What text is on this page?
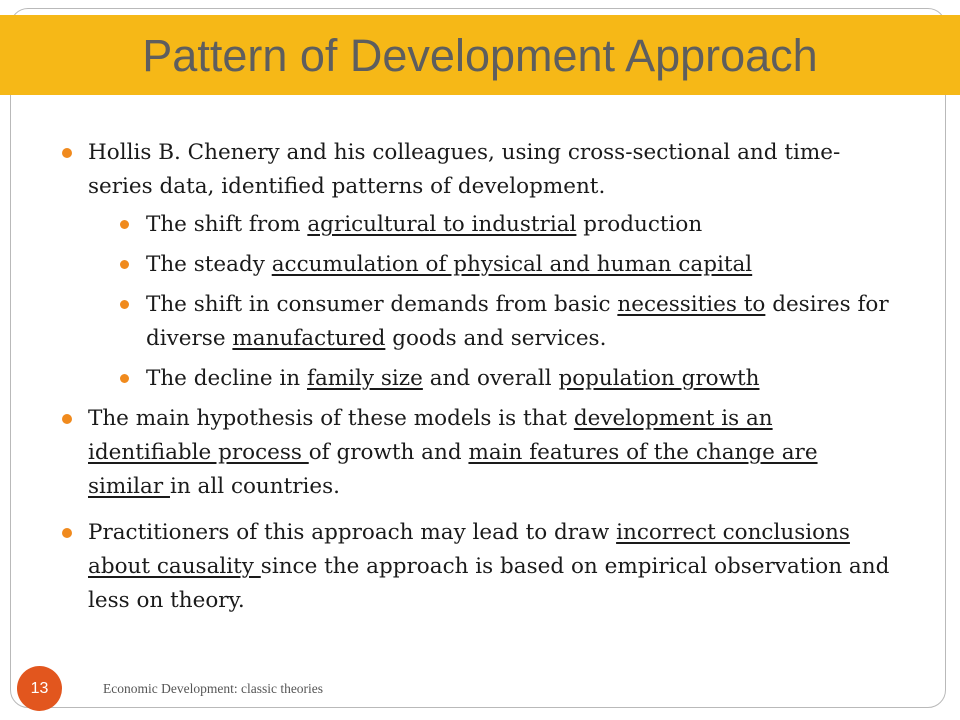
Pattern of Development Approach
Hollis B. Chenery and his colleagues, using cross-sectional and time-series data, identified patterns of development.
The shift from agricultural to industrial production
The steady accumulation of physical and human capital
The shift in consumer demands from basic necessities to desires for diverse manufactured goods and services.
The decline in family size and overall population growth
The main hypothesis of these models is that development is an identifiable process of growth and main features of the change are similar in all countries.
Practitioners of this approach may lead to draw incorrect conclusions about causality since the approach is based on empirical observation and less on theory.
13	Economic Development: classic theories
